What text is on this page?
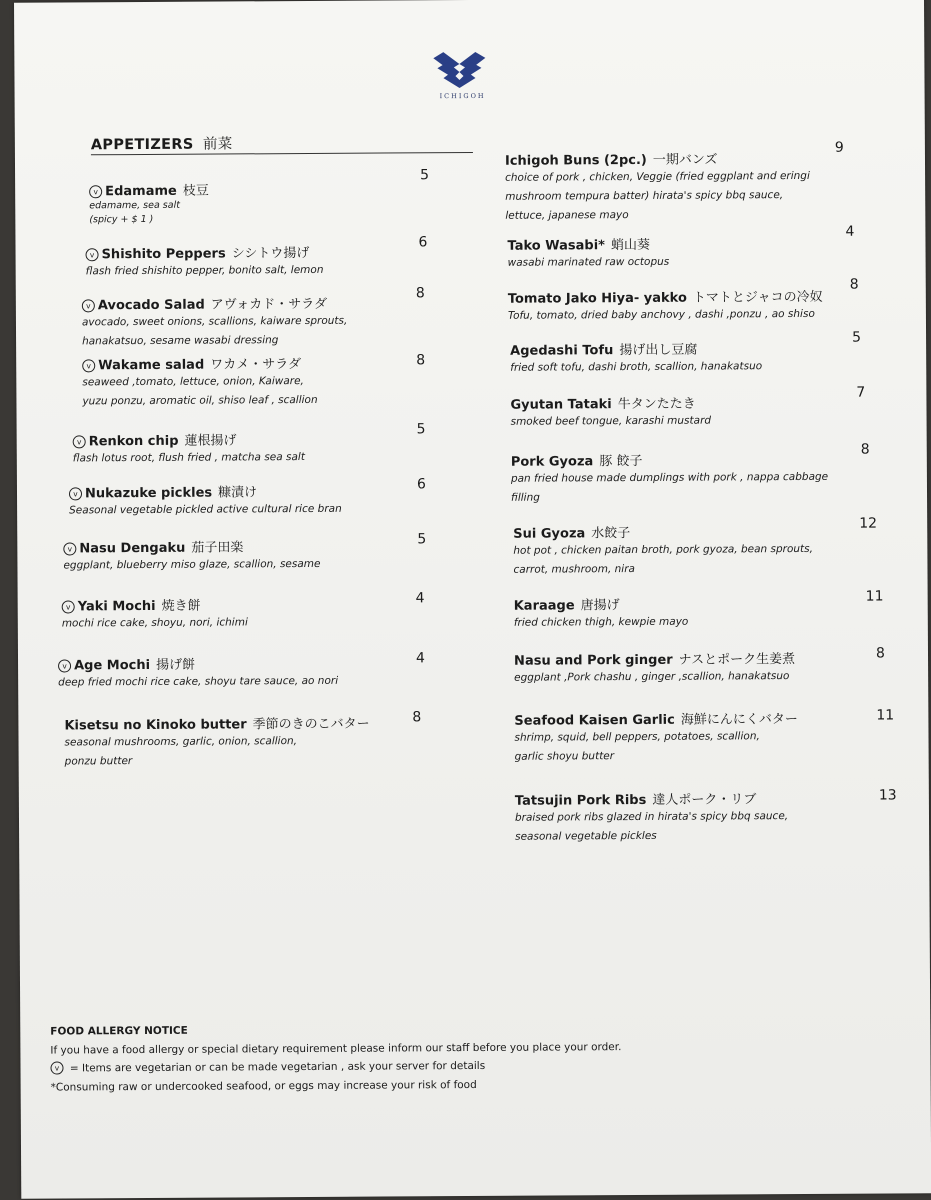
ICHIGOH
APPETIZERS 前菜
v Edamame 枝豆
edamame, sea salt
(spicy + $ 1 )
5
v Shishito Peppers シシトウ揚げ
flash fried shishito pepper, bonito salt, lemon
6
v Avocado Salad アヴォカド・サラダ
avocado, sweet onions, scallions, kaiware sprouts,
hanakatsuo, sesame wasabi dressing
8
v Wakame salad ワカメ・サラダ
seaweed ,tomato, lettuce, onion, Kaiware,
yuzu ponzu, aromatic oil, shiso leaf , scallion
8
v Renkon chip 蓮根揚げ
flash lotus root, flush fried , matcha sea salt
5
v Nukazuke pickles 糠漬け
Seasonal vegetable pickled active cultural rice bran
6
v Nasu Dengaku 茄子田楽
eggplant, blueberry miso glaze, scallion, sesame
5
v Yaki Mochi 焼き餅
mochi rice cake, shoyu, nori, ichimi
4
v Age Mochi 揚げ餅
deep fried mochi rice cake, shoyu tare sauce, ao nori
4
Kisetsu no Kinoko butter 季節のきのこバター
seasonal mushrooms, garlic, onion, scallion,
ponzu butter
8
Ichigoh Buns (2pc.) 一期バンズ
choice of pork , chicken, Veggie (fried eggplant and eringi
mushroom tempura batter) hirata's spicy bbq sauce,
lettuce, japanese mayo
9
Tako Wasabi* 蛸山葵
wasabi marinated raw octopus
4
Tomato Jako Hiya- yakko トマトとジャコの冷奴
Tofu, tomato, dried baby anchovy , dashi ,ponzu , ao shiso
8
Agedashi Tofu 揚げ出し豆腐
fried soft tofu, dashi broth, scallion, hanakatsuo
5
Gyutan Tataki 牛タンたたき
smoked beef tongue, karashi mustard
7
Pork Gyoza 豚 餃子
pan fried house made dumplings with pork , nappa cabbage
filling
8
Sui Gyoza 水餃子
hot pot , chicken paitan broth, pork gyoza, bean sprouts,
carrot, mushroom, nira
12
Karaage 唐揚げ
fried chicken thigh, kewpie mayo
11
Nasu and Pork ginger ナスとポーク生姜煮
eggplant ,Pork chashu , ginger ,scallion, hanakatsuo
8
Seafood Kaisen Garlic 海鮮にんにくバター
shrimp, squid, bell peppers, potatoes, scallion,
garlic shoyu butter
11
Tatsujin Pork Ribs 達人ポーク・リブ
braised pork ribs glazed in hirata's spicy bbq sauce,
seasonal vegetable pickles
13
FOOD ALLERGY NOTICE
If you have a food allergy or special dietary requirement please inform our staff before you place your order.
v = Items are vegetarian or can be made vegetarian , ask your server for details
*Consuming raw or undercooked seafood, or eggs may increase your risk of food
